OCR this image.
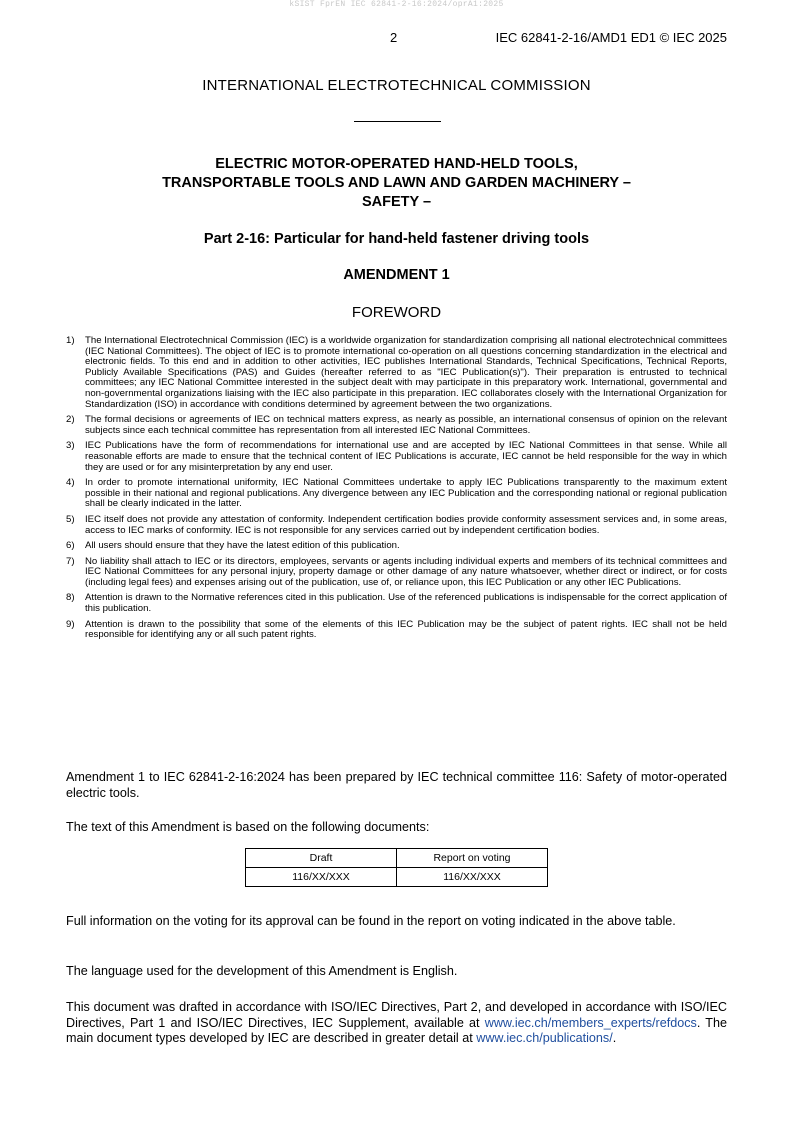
kSIST FprEN IEC 62841-2-16:2024/oprA1:2025
2	IEC 62841-2-16/AMD1 ED1 © IEC 2025
INTERNATIONAL ELECTROTECHNICAL COMMISSION
ELECTRIC MOTOR-OPERATED HAND-HELD TOOLS,
TRANSPORTABLE TOOLS AND LAWN AND GARDEN MACHINERY –
SAFETY –
Part 2-16: Particular for hand-held fastener driving tools
AMENDMENT 1
FOREWORD
1) The International Electrotechnical Commission (IEC) is a worldwide organization for standardization comprising all national electrotechnical committees (IEC National Committees). The object of IEC is to promote international co-operation on all questions concerning standardization in the electrical and electronic fields. To this end and in addition to other activities, IEC publishes International Standards, Technical Specifications, Technical Reports, Publicly Available Specifications (PAS) and Guides (hereafter referred to as "IEC Publication(s)"). Their preparation is entrusted to technical committees; any IEC National Committee interested in the subject dealt with may participate in this preparatory work. International, governmental and non-governmental organizations liaising with the IEC also participate in this preparation. IEC collaborates closely with the International Organization for Standardization (ISO) in accordance with conditions determined by agreement between the two organizations.
2) The formal decisions or agreements of IEC on technical matters express, as nearly as possible, an international consensus of opinion on the relevant subjects since each technical committee has representation from all interested IEC National Committees.
3) IEC Publications have the form of recommendations for international use and are accepted by IEC National Committees in that sense. While all reasonable efforts are made to ensure that the technical content of IEC Publications is accurate, IEC cannot be held responsible for the way in which they are used or for any misinterpretation by any end user.
4) In order to promote international uniformity, IEC National Committees undertake to apply IEC Publications transparently to the maximum extent possible in their national and regional publications. Any divergence between any IEC Publication and the corresponding national or regional publication shall be clearly indicated in the latter.
5) IEC itself does not provide any attestation of conformity. Independent certification bodies provide conformity assessment services and, in some areas, access to IEC marks of conformity. IEC is not responsible for any services carried out by independent certification bodies.
6) All users should ensure that they have the latest edition of this publication.
7) No liability shall attach to IEC or its directors, employees, servants or agents including individual experts and members of its technical committees and IEC National Committees for any personal injury, property damage or other damage of any nature whatsoever, whether direct or indirect, or for costs (including legal fees) and expenses arising out of the publication, use of, or reliance upon, this IEC Publication or any other IEC Publications.
8) Attention is drawn to the Normative references cited in this publication. Use of the referenced publications is indispensable for the correct application of this publication.
9) Attention is drawn to the possibility that some of the elements of this IEC Publication may be the subject of patent rights. IEC shall not be held responsible for identifying any or all such patent rights.
Amendment 1 to IEC 62841-2-16:2024 has been prepared by IEC technical committee 116: Safety of motor-operated electric tools.
The text of this Amendment is based on the following documents:
Draft	Report on voting
116/XX/XXX	116/XX/XXX
Full information on the voting for its approval can be found in the report on voting indicated in the above table.
The language used for the development of this Amendment is English.
This document was drafted in accordance with ISO/IEC Directives, Part 2, and developed in accordance with ISO/IEC Directives, Part 1 and ISO/IEC Directives, IEC Supplement, available at www.iec.ch/members_experts/refdocs. The main document types developed by IEC are described in greater detail at www.iec.ch/publications/.
